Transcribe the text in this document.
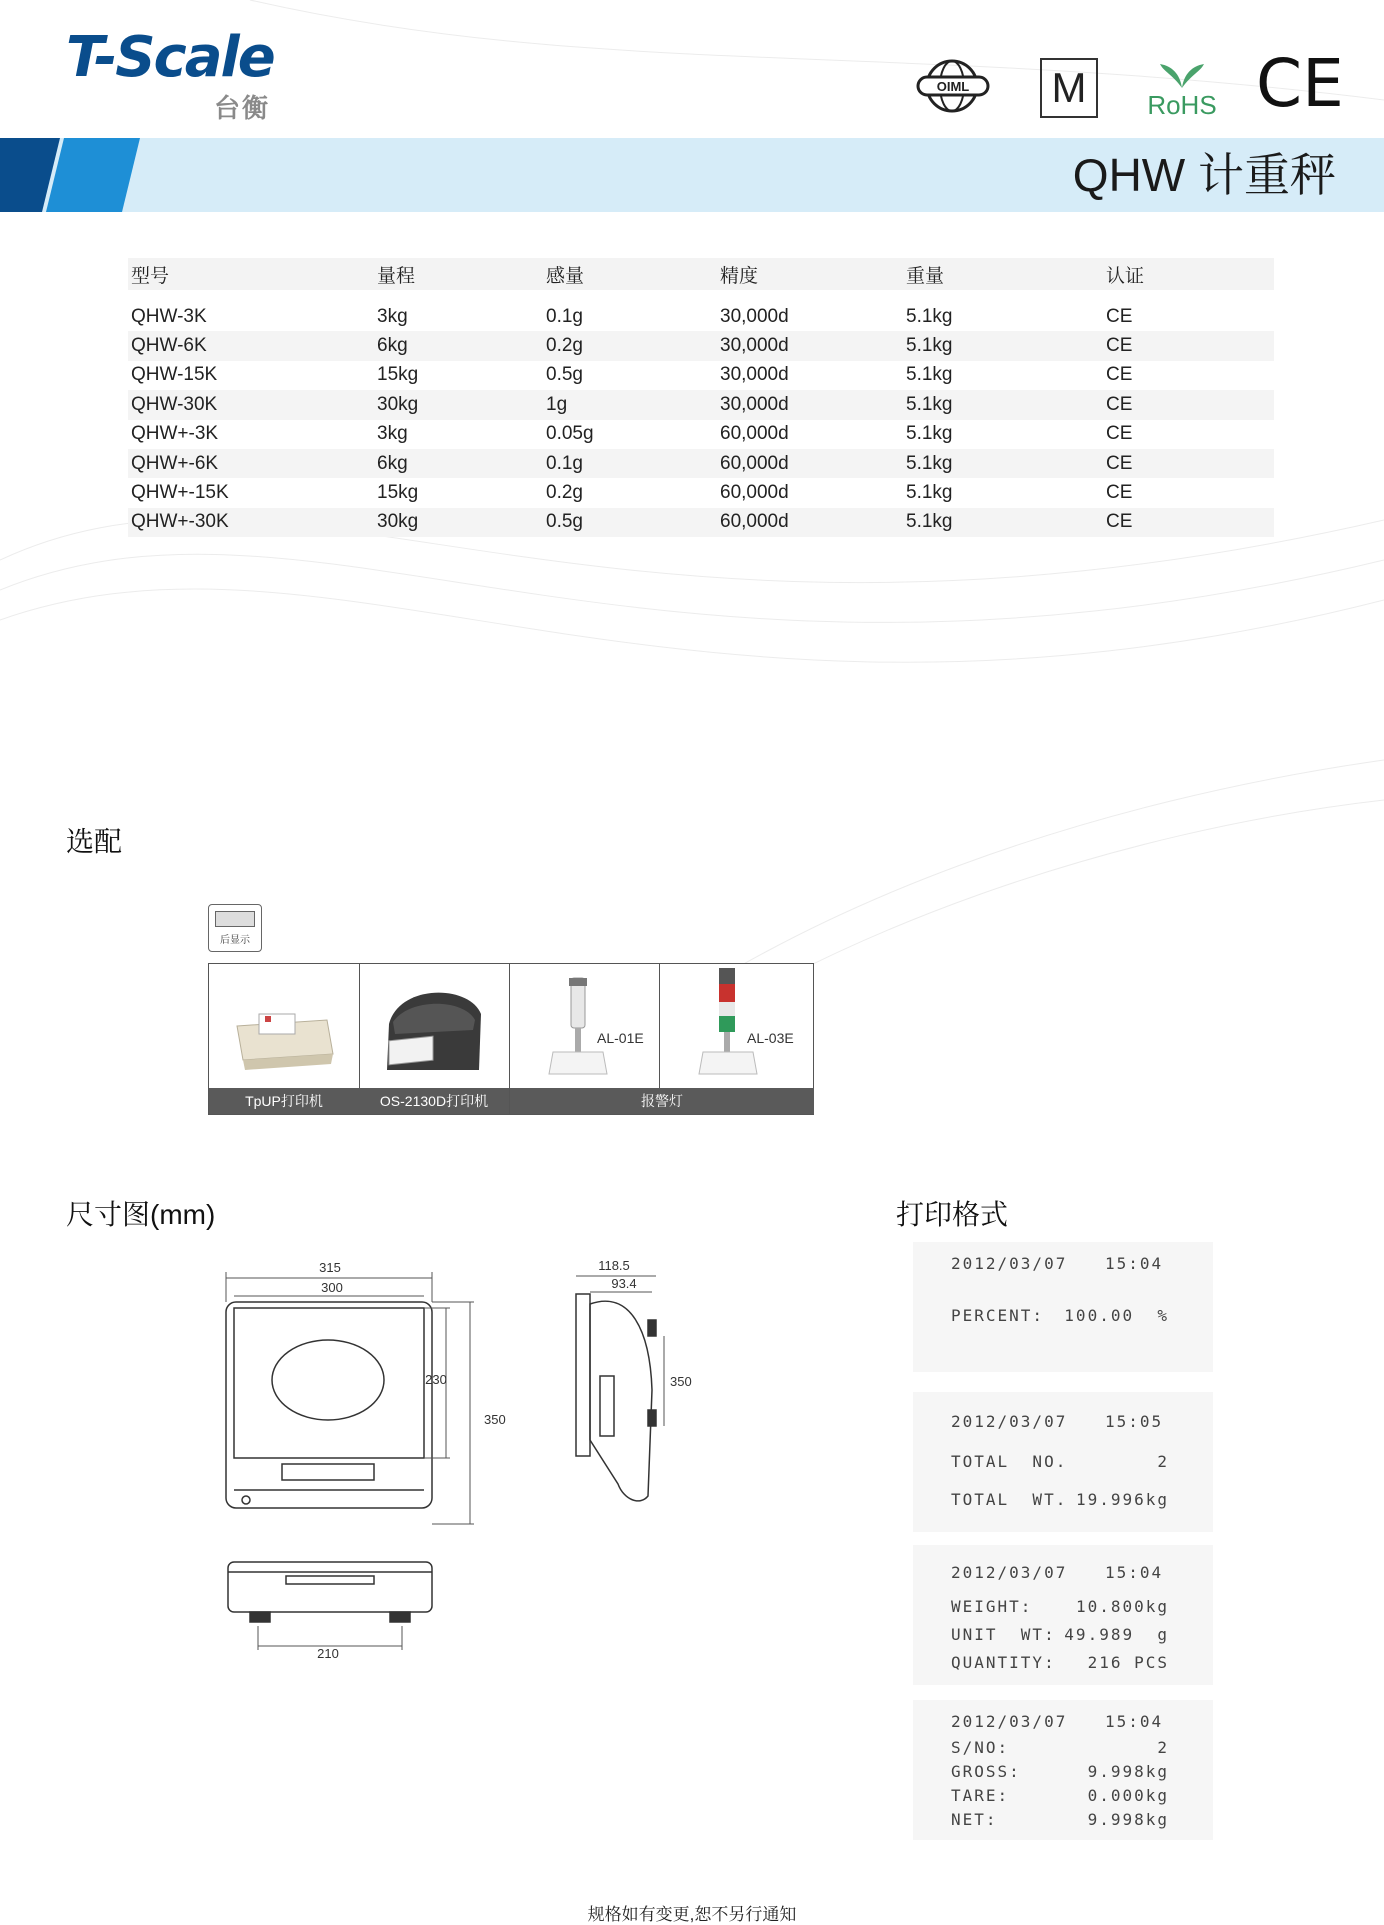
T-Scale
台衡
OIML M	RoHS CE
QHW 计重秤
型号	量程	感量	精度	重量	认证

QHW-3K	3kg	0.1g	30,000d	5.1kg	CE
QHW-6K	6kg	0.2g	30,000d	5.1kg	CE
QHW-15K	15kg	0.5g	30,000d	5.1kg	CE
QHW-30K	30kg	1g	30,000d	5.1kg	CE
QHW+-3K	3kg	0.05g	60,000d	5.1kg	CE
QHW+-6K	6kg	0.1g	60,000d	5.1kg	CE
QHW+-15K	15kg	0.2g	60,000d	5.1kg	CE
QHW+-30K	30kg	0.5g	60,000d	5.1kg	CE
选配
后显示
TpUP打印机	OS-2130D打印机
AL-01E	AL-03E
报警灯
尺寸图(mm)
315
300
230
350
118.5
93.4
350
210
打印格式
2012/03/07 15:04
PERCENT: 100.00  %
2012/03/07 15:05
TOTAL  NO.	2
TOTAL  WT. 19.996kg
2012/03/07 15:04
WEIGHT:	10.800kg
UNIT  WT: 49.989  g
QUANTITY: 216 PCS
2012/03/07 15:04
S/NO:	2
GROSS:	9.998kg
TARE:	0.000kg
NET:	9.998kg
规格如有变更,恕不另行通知
